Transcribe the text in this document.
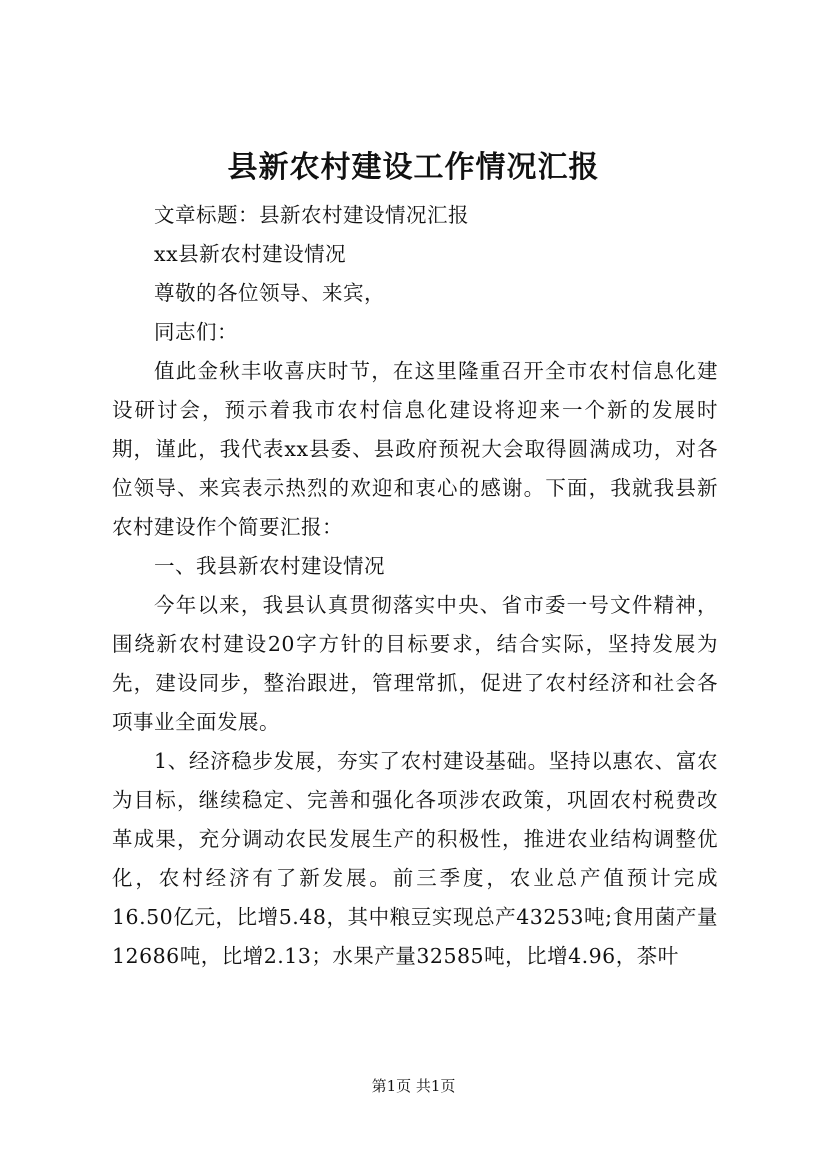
县新农村建设工作情况汇报

文章标题：县新农村建设情况汇报

xx县新农村建设情况

尊敬的各位领导、来宾，

同志们：

值此金秋丰收喜庆时节，在这里隆重召开全市农村信息化建设研讨会，预示着我市农村信息化建设将迎来一个新的发展时期，谨此，我代表xx县委、县政府预祝大会取得圆满成功，对各位领导、来宾表示热烈的欢迎和衷心的感谢。下面，我就我县新农村建设作个简要汇报：

一、我县新农村建设情况

今年以来，我县认真贯彻落实中央、省市委一号文件精神，围绕新农村建设20字方针的目标要求，结合实际，坚持发展为先，建设同步，整治跟进，管理常抓，促进了农村经济和社会各项事业全面发展。

1、经济稳步发展，夯实了农村建设基础。坚持以惠农、富农为目标，继续稳定、完善和强化各项涉农政策，巩固农村税费改革成果，充分调动农民发展生产的积极性，推进农业结构调整优化，农村经济有了新发展。前三季度，农业总产值预计完成16.50亿元，比增5.48，其中粮豆实现总产43253吨;食用菌产量12686吨，比增2.13；水果产量32585吨，比增4.96，茶叶

第1页 共1页
